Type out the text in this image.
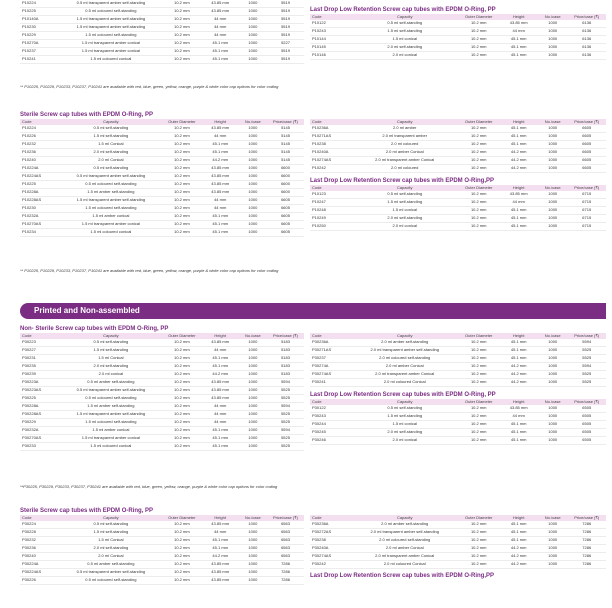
P10224	0.5 ml transparent amber self-standing	10.2 mm	43.85 mm	1000	5519
P10225	0.5 ml coloured self-standing	10.2 mm	43.85 mm	1000	5519
P10140A	1.5 ml transparent amber self-standing	10.2 mm	44 mm	1000	5519
P10230	1.5 ml transparent amber self-standing	10.2 mm	44 mm	1000	5519
P10229	1.5 ml coloured self-standing	10.2 mm	44 mm	1000	5519
P10270A	1.5 ml transparent amber conical	10.2 mm	45.1 mm	1000	5227
P10237	1.5 ml transparent amber conical	10.2 mm	45.1 mm	1000	5519
P10241	1.5 ml coloured conical	10.2 mm	45.1 mm	1000	5519
Last Drop Low Retention Screw cap tubes with EPDM O-Ring, PP
Code	Capacity	Outer Diameter	Height	No./case	Price/case (₹)
P10122	0.5 ml self-standing	10.2 mm	43.85 mm	1000	6136
P10243	1.5 ml self-standing	10.2 mm	44 mm	1000	6136
P10144	1.5 ml conical	10.2 mm	45.1 mm	1000	6136
P10145	2.0 ml self-standing	10.2 mm	45.1 mm	1000	6136
P10146	2.0 ml conical	10.2 mm	45.1 mm	1000	6136
** P10225, P10229, P10233, P10237, P10241 are available with red, blue, green, yellow, orange, purple & white color cap options for color coding
Sterile Screw cap tubes with EPDM O-Ring, PP
Code	Capacity	Outer Diameter	Height	No./case	Price/case (₹)
P10224	0.5 ml self-standing	10.2 mm	43.85 mm	1000	5145
P10226	1.5 ml self-standing	10.2 mm	44 mm	1000	5145
P10232	1.5 ml Conical	10.2 mm	45.1 mm	1000	5145
P10236	2.0 ml self-standing	10.2 mm	45.1 mm	1000	5145
P10240	2.0 ml Conical	10.2 mm	44.2 mm	1000	5145
P10224A	0.5 ml self-standing	10.2 mm	43.85 mm	1000	6600
P10224AS	0.5 ml transparent amber self-standing	10.2 mm	43.85 mm	1000	6600
P10225	0.5 ml coloured self-standing	10.2 mm	43.85 mm	1000	6600
P10228A	1.5 ml amber self-standing	10.2 mm	43.85 mm	1000	6600
P10228AS	1.5 ml transparent amber self-standing	10.2 mm	44 mm	1000	6605
P10230	1.5 ml coloured self-standing	10.2 mm	44 mm	1000	6605
P10232A	1.5 ml amber conical	10.2 mm	45.1 mm	1000	6605
P10270AS	1.5 ml transparent amber conical	10.2 mm	45.1 mm	1000	6605
P10234	1.5 ml coloured conical	10.2 mm	45.1 mm	1000	6605
Code	Capacity	Outer Diameter	Height	No./case	Price/case (₹)
P10236A	2.0 ml amber	10.2 mm	45.1 mm	1000	6605
P10271AS	2.0 ml transparent amber	10.2 mm	45.1 mm	1000	6605
P10238	2.0 ml coloured	10.2 mm	45.1 mm	1000	6605
P10240A	2.0 ml amber Conical	10.2 mm	44.2 mm	1000	6605
P10274AS	2.0 ml transparent amber Conical	10.2 mm	44.2 mm	1000	6605
P10242	2.0 ml coloured	10.2 mm	44.2 mm	1000	6605
Last Drop Low Retention Screw cap tubes with EPDM O-Ring,PP
Code	Capacity	Outer Diameter	Height	No./case	Price/case (₹)
P10123	0.5 ml self-standing	10.2 mm	43.85 mm	1000	6715
P10247	1.5 ml self-standing	10.2 mm	44 mm	1000	6715
P10248	1.5 ml conical	10.2 mm	45.1 mm	1000	6715
P10249	2.0 ml self-standing	10.2 mm	45.1 mm	1000	6715
P10250	2.0 ml conical	10.2 mm	45.1 mm	1000	6715
** P10225, P10229, P10233, P10237, P10241 are available with red, blue, green, yellow, orange, purple & white color cap options for color coding
Printed and Non-assembled
Non- Sterile Screw cap tubes with EPDM O-Ring, PP
Code	Capacity	Outer Diameter	Height	No./case	Price/case (₹)
P30223	0.5 ml self-standing	10.2 mm	43.85 mm	1000	5183
P30227	1.5 ml self-standing	10.2 mm	44 mm	1000	5183
P30231	1.5 ml Conical	10.2 mm	45.1 mm	1000	5183
P30235	2.0 ml self-standing	10.2 mm	45.1 mm	1000	5183
P30239	2.0 ml conical	10.2 mm	44.2 mm	1000	5183
P30223A	0.5 ml amber self-standing	10.2 mm	43.85 mm	1000	5594
P30223AS	0.5 ml transparent amber self-standing	10.2 mm	43.85 mm	1000	5525
P30225	0.5 ml coloured self-standing	10.2 mm	43.85 mm	1000	5525
P30228A	1.5 ml amber self-standing	10.2 mm	44 mm	1000	5594
P30228AS	1.5 ml transparent amber self-standing	10.2 mm	44 mm	1000	5525
P30229	1.5 ml coloured self-standing	10.2 mm	44 mm	1000	5525
P30232A	1.5 ml amber conical	10.2 mm	45.1 mm	1000	5594
P30270AS	1.5 ml transparent amber conical	10.2 mm	45.1 mm	1000	5525
P30233	1.5 ml coloured conical	10.2 mm	45.1 mm	1000	5525
Code	Capacity	Outer Diameter	Height	No./case	Price/case (₹)
P30236A	2.0 ml amber self-standing	10.2 mm	45.1 mm	1000	5594
P30271AS	2.0 ml transparent amber self-standing	10.2 mm	45.1 mm	1000	5525
P30237	2.0 ml coloured self-standing	10.2 mm	45.1 mm	1000	5525
P30274A	2.0 ml amber Conical	10.2 mm	44.2 mm	1000	5594
P30274AS	2.0 ml transparent amber Conical	10.2 mm	44.2 mm	1000	5525
P30241	2.0 ml coloured Conical	10.2 mm	44.2 mm	1000	5525
Last Drop Low Retention Screw cap tubes with EPDM O-Ring, PP
Code	Capacity	Outer Diameter	Height	No./case	Price/case (₹)
P30122	0.5 ml self-standing	10.2 mm	43.85 mm	1000	6505
P30243	1.5 ml self-standing	10.2 mm	44 mm	1000	6505
P30244	1.5 ml conical	10.2 mm	45.1 mm	1000	6505
P30245	2.0 ml self-standing	10.2 mm	45.1 mm	1000	6505
P30246	2.0 ml conical	10.2 mm	45.1 mm	1000	6505
**P30225, P30229, P30233, P30237, P30241 are available with red, blue, green, yellow, orange, purple & white color cap options for color coding
Sterile Screw cap tubes with EPDM O-Ring, PP
Code	Capacity	Outer Diameter	Height	No./case	Price/case (₹)
P30224	0.5 ml self-standing	10.2 mm	43.85 mm	1000	6563
P30228	1.5 ml self-standing	10.2 mm	44 mm	1000	6563
P30232	1.5 ml Conical	10.2 mm	45.1 mm	1000	6563
P30236	2.0 ml self-standing	10.2 mm	45.1 mm	1000	6563
P30240	2.0 ml Conical	10.2 mm	44.2 mm	1000	6563
P30224A	0.5 ml amber self-standing	10.2 mm	43.85 mm	1000	7286
P30224AS	0.5 ml transparent amber self-standing	10.2 mm	43.85 mm	1000	7286
P30226	0.5 ml coloured self-standing	10.2 mm	43.85 mm	1000	7286
Code	Capacity	Outer Diameter	Height	No./case	Price/case (₹)
P30236A	2.0 ml amber self-standing	10.2 mm	45.1 mm	1000	7286
P30272AS	2.0 ml transparent amber self-standing	10.2 mm	45.1 mm	1000	7286
P30238	2.0 ml coloured self-standing	10.2 mm	45.1 mm	1000	7286
P30240A	2.0 ml amber Conical	10.2 mm	44.2 mm	1000	7286
P30274AS	2.0 ml transparent amber Conical	10.2 mm	44.2 mm	1000	7286
P30242	2.0 ml coloured Conical	10.2 mm	44.2 mm	1000	7286
Last Drop Low Retention Screw cap tubes with EPDM O-Ring,PP
